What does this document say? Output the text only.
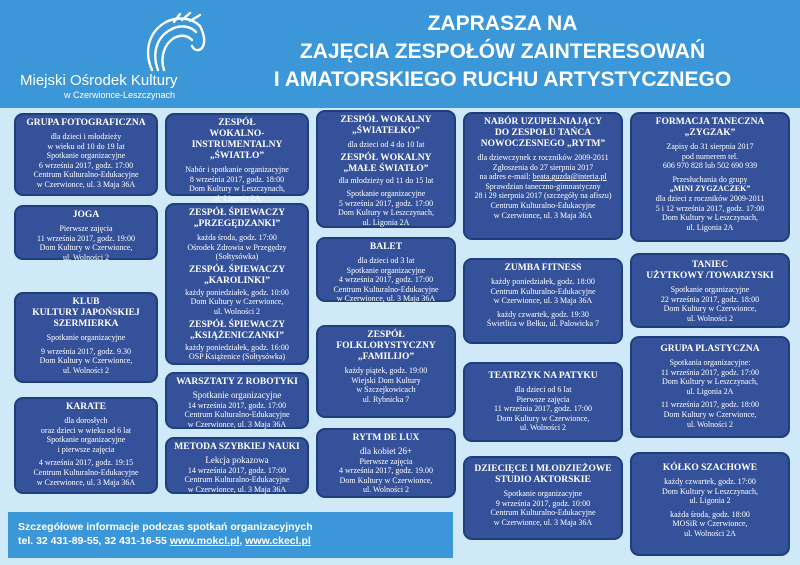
Miejski Ośrodek Kultury
w Czerwionce-Leszczynach
ZAPRASZA NA
ZAJĘCIA ZESPOŁÓW ZAINTERESOWAŃ
I AMATORSKIEGO RUCHU ARTYSTYCZNEGO
GRUPA FOTOGRAFICZNA
dla dzieci i młodzieży
w wieku od 10 do 19 lat
Spotkanie organizacyjne
6 września 2017, godz. 17:00
Centrum Kulturalno-Edukacyjne
w Czerwionce, ul. 3 Maja 36A
JOGA
Pierwsze zajęcia
11 września 2017, godz. 19:00
Dom Kultury w Czerwionce,
ul. Wolności 2
KLUB
KULTURY JAPOŃSKIEJ
SZERMIERKA
Spotkanie organizacyjne
9 września 2017, godz. 9.30
Dom Kultury w Czerwionce,
ul. Wolności 2
KARATE
dla dorosłych
oraz dzieci w wieku od 6 lat
Spotkanie organizacyjne
i pierwsze zajęcia
4 września 2017, godz. 19:15
Centrum Kulturalno-Edukacyjne
w Czerwionce, ul. 3 Maja 36A
ZESPÓŁ
WOKALNO-INSTRUMENTALNY
„ŚWIATŁO”
Nabór i spotkanie organizacyjne
8 września 2017, godz. 18:00
Dom Kultury w Leszczynach,
ul. Ligonia 2A
ZESPÓŁ ŚPIEWACZY
„PRZEGĘDZANKI”
każda środa, godz. 17:00
Ośrodek Zdrowia w Przegędzy
(Sołtysówka)
ZESPÓŁ ŚPIEWACZY
„KAROLINKI”
każdy poniedziałek, godz. 10:00
Dom Kultury w Czerwionce,
ul. Wolności 2
ZESPÓŁ ŚPIEWACZY
„KSIĄŻENICZANKI”
każdy poniedziałek, godz. 16:00
OSP Książenice (Sołtysówka)
WARSZTATY Z ROBOTYKI
Spotkanie organizacyjne
14 września 2017, godz. 17:00
Centrum Kulturalno-Edukacyjne
w Czerwionce, ul. 3 Maja 36A
METODA SZYBKIEJ NAUKI
Lekcja pokazowa
14 września 2017, godz. 17:00
Centrum Kulturalno-Edukacyjne
w Czerwionce, ul. 3 Maja 36A
ZESPÓŁ WOKALNY
„ŚWIATEŁKO”
dla dzieci od 4 do 10 lat
ZESPÓŁ WOKALNY
„MAŁE ŚWIATŁO”
dla młodzieży od 11 do 15 lat
Spotkanie organizacyjne
5 września 2017, godz. 17:00
Dom Kultury w Leszczynach,
ul. Ligonia 2A
BALET
dla dzieci od 3 lat
Spotkanie organizacyjne
4 września 2017, godz. 17:00
Centrum Kulturalno-Edukacyjne
w Czerwionce, ul. 3 Maja 36A
ZESPÓŁ
FOLKLORYSTYCZNY
„FAMILIJO”
każdy piątek, godz. 19:00
Wiejski Dom Kultury
w Szczejkowicach
ul. Rybnicka 7
RYTM DE LUX
dla kobiet 26+
Pierwsze zajęcia
4 września 2017, godz. 19.00
Dom Kultury w Czerwionce,
ul. Wolności 2
NABÓR UZUPEŁNIAJĄCY
DO ZESPOŁU TAŃCA
NOWOCZESNEGO „RYTM”
dla dziewczynek z roczników 2009-2011
Zgłoszenia do 27 sierpnia 2017
na adres e-mail: beata.guzda@interia.pl
Sprawdzian taneczno-gimnastyczny
28 i 29 sierpnia 2017 (szczegóły na afiszu)
Centrum Kulturalno-Edukacyjne
w Czerwionce, ul. 3 Maja 36A
ZUMBA FITNESS
każdy poniedziałek, godz. 18:00
Centrum Kulturalno-Edukacyjne
w Czerwionce, ul. 3 Maja 36A
każdy czwartek, godz. 19:30
Świetlica w Bełku, ul. Palowicka 7
TEATRZYK NA PATYKU
dla dzieci od 6 lat
Pierwsze zajęcia
11 września 2017, godz. 17:00
Dom Kultury w Czerwionce,
ul. Wolności 2
DZIECIĘCE I MŁODZIEŻOWE
STUDIO AKTORSKIE
Spotkanie organizacyjne
9 września 2017, godz. 10:00
Centrum Kulturalno-Edukacyjne
w Czerwionce, ul. 3 Maja 36A
FORMACJA TANECZNA
„ZYGZAK”
Zapisy do 31 sierpnia 2017
pod numerem tel.
606 970 828 lub 502 690 939
Przesłuchania do grupy
„MINI ZYGZACZEK”
dla dzieci z roczników 2009-2011
5 i 12 września 2017, godz. 17:00
Dom Kultury w Leszczynach,
ul. Ligonia 2A
TANIEC
UŻYTKOWY /TOWARZYSKI
Spotkanie organizacyjne
22 września 2017, godz. 18:00
Dom Kultury w Czerwionce,
ul. Wolności 2
GRUPA PLASTYCZNA
Spotkania organizacyjne:
11 września 2017, godz. 17:00
Dom Kultury w Leszczynach,
ul. Ligonia 2A
11 września 2017, godz. 18:00
Dom Kultury w Czerwionce,
ul. Wolności 2
KÓŁKO SZACHOWE
każdy czwartek, godz. 17:00
Dom Kultury w Leszczynach,
ul. Ligonia 2
każda środa, godz. 18:00
MOSiR w Czerwionce,
ul. Wolności 2A
Szczegółowe informacje podczas spotkań organizacyjnych
tel. 32 431-89-55, 32 431-16-55 www.mokcl.pl, www.ckecl.pl
